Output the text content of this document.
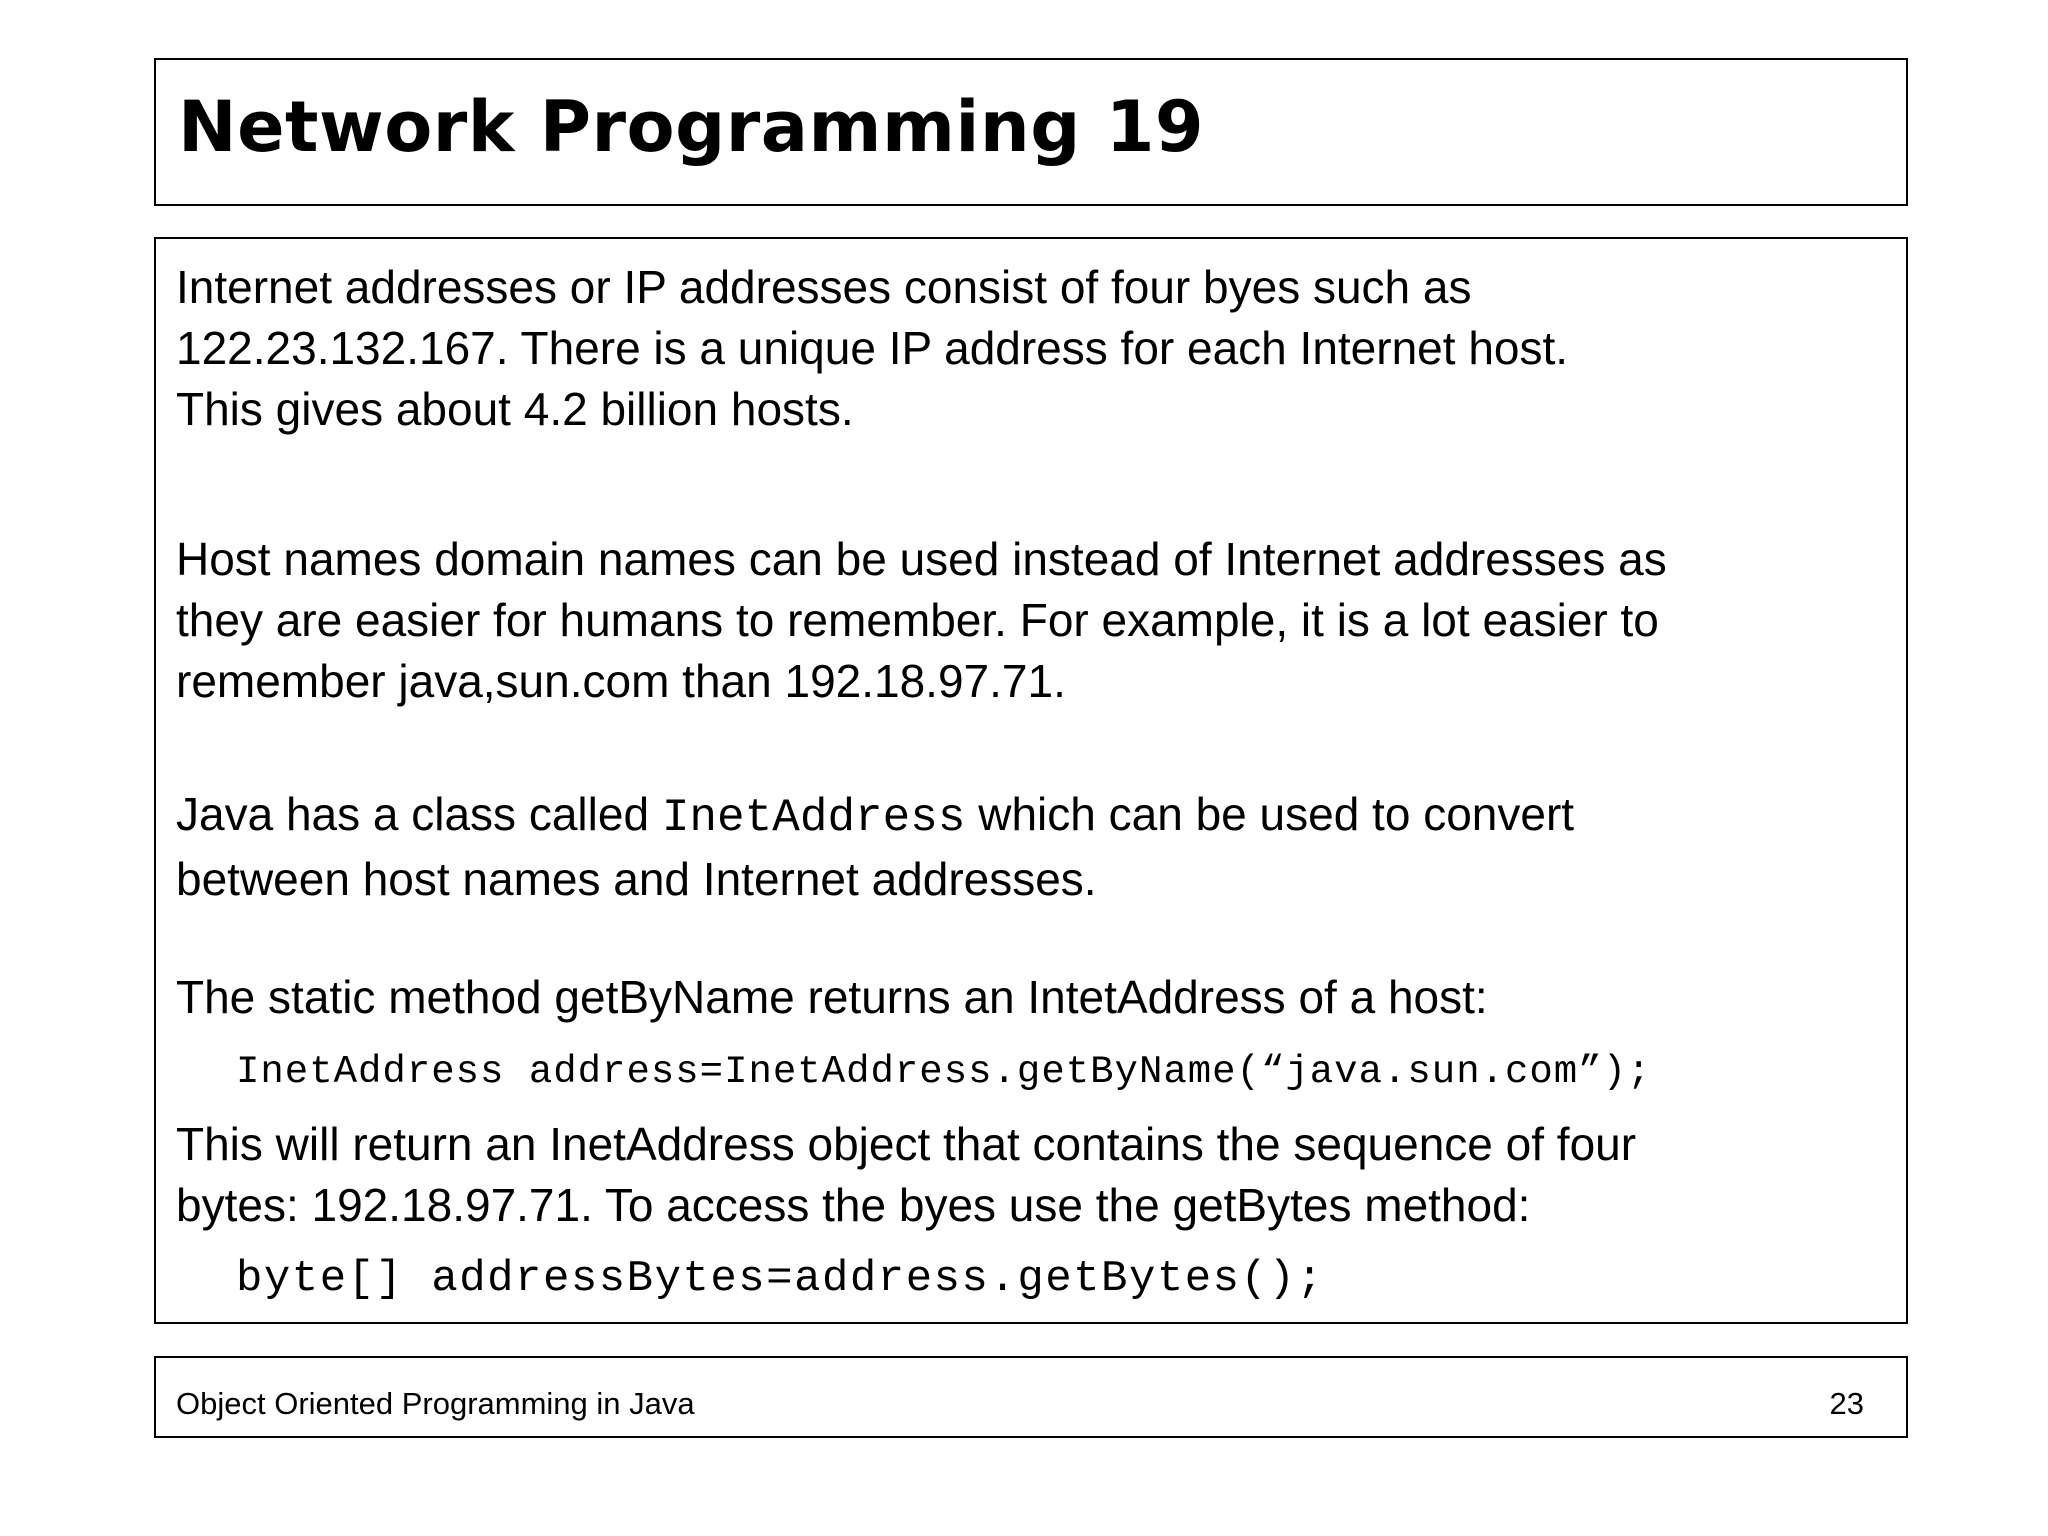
Network Programming 19

Internet addresses or IP addresses consist of four byes such as
122.23.132.167. There is a unique IP address for each Internet host.
This gives about 4.2 billion hosts.

Host names domain names can be used instead of Internet addresses as
they are easier for humans to remember. For example, it is a lot easier to
remember java,sun.com than 192.18.97.71.

Java has a class called InetAddress which can be used to convert
between host names and Internet addresses.

The static method getByName returns an IntetAddress of a host:

InetAddress address=InetAddress.getByName(“java.sun.com”);

This will return an InetAddress object that contains the sequence of four
bytes: 192.18.97.71. To access the byes use the getBytes method:

byte[] addressBytes=address.getBytes();

Object Oriented Programming in Java	23
